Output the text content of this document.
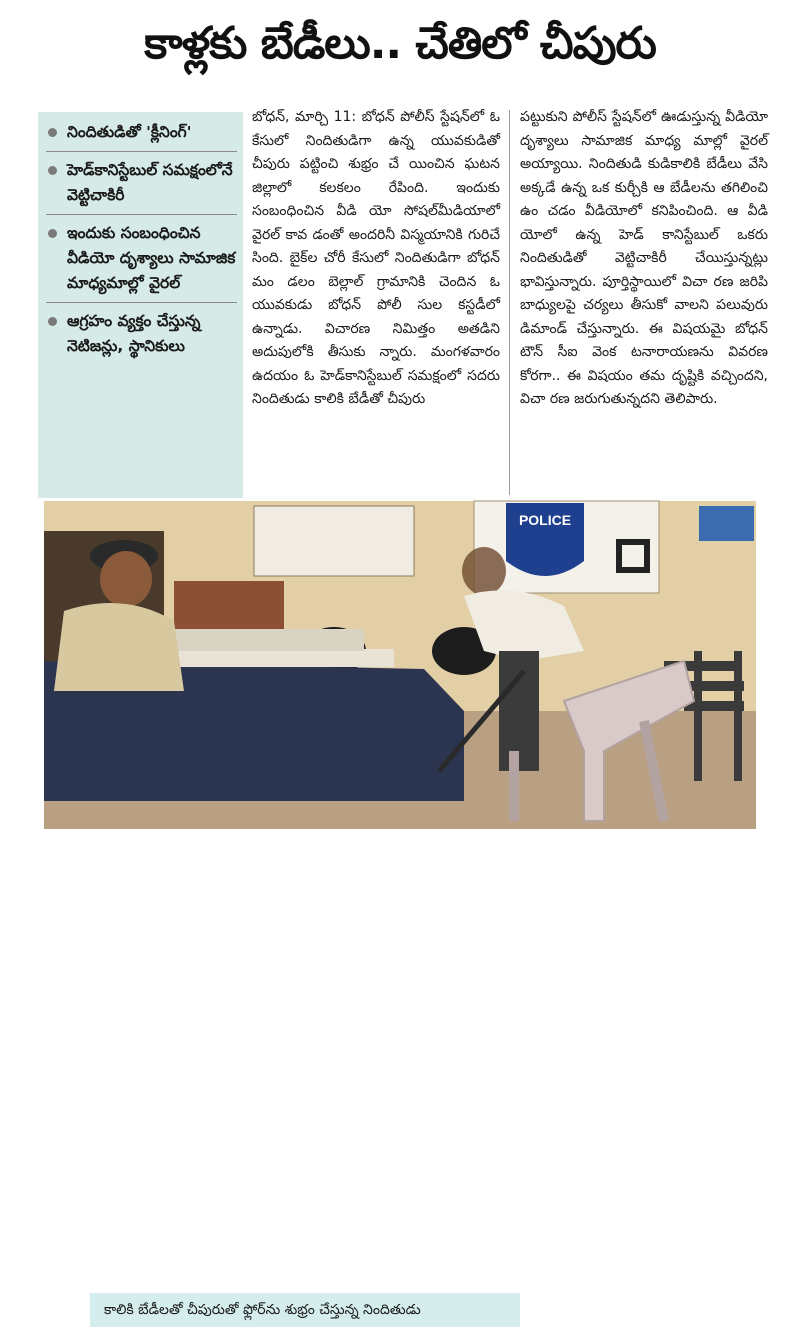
కాళ్లకు బేడీలు.. చేతిలో చీపురు
నిందితుడితో 'క్లీనింగ్'
హెడ్‌కానిస్టేబుల్ సమక్షంలోనే వెట్టిచాకిరీ
ఇందుకు సంబంధించిన వీడియో దృశ్యాలు సామాజిక మాధ్యమాల్లో వైరల్
ఆగ్రహం వ్యక్తం చేస్తున్న నెటిజన్లు, స్థానికులు
బోధన్, మార్చి 11: బోధన్ పోలీస్ స్టేషన్‌లో ఓ కేసులో నిందితుడిగా ఉన్న యువకుడితో చీపురు పట్టించి శుభ్రం చే యించిన ఘటన జిల్లాలో కలకలం రేపింది. ఇందుకు సంబంధించిన వీడి యో సోషల్‌మీడియాలో వైరల్ కావ డంతో అందరినీ విస్మయానికి గురిచే సింది. బైక్‌ల చోరీ కేసులో నిందితుడిగా బోధన్ మం డలం బెల్లాల్ గ్రామానికి చెందిన ఓ యువకుడు బోధన్ పోలీ సుల కస్టడీలో ఉన్నాడు. విచారణ నిమిత్తం అతడిని అదుపులోకి తీసుకు న్నారు. మంగళవారం ఉదయం ఓ హెడ్‌కానిస్టేబుల్ సమక్షంలో సదరు నిందితుడు కాలికి బేడీతో చీపురు
పట్టుకుని పోలీస్ స్టేషన్‌లో ఊడుస్తున్న వీడియో దృశ్యాలు సామాజిక మాధ్య మాల్లో వైరల్ అయ్యాయి. నిందితుడి కుడికాలికి బేడీలు వేసి అక్కడే ఉన్న ఒక కుర్చీకి ఆ బేడీలను తగిలించి ఉం చడం వీడియోలో కనిపించింది. ఆ వీడి యోలో ఉన్న హెడ్ కానిస్టేబుల్ ఒకరు నిందితుడితో వెట్టిచాకిరీ చేయిస్తున్నట్లు భావిస్తున్నారు. పూర్తిస్థాయిలో విచా రణ జరిపి బాధ్యులపై చర్యలు తీసుకో వాలని పలువురు డిమాండ్ చేస్తున్నారు. ఈ విషయమై బోధన్ టౌన్ సీఐ వెంక టనారాయణను వివరణ కోరగా.. ఈ విషయం తమ దృష్టికి వచ్చిందని, విచా రణ జరుగుతున్నదని తెలిపారు.
POLICE
కాలికి బేడీలతో చీపురుతో ఫ్లోర్‌ను శుభ్రం చేస్తున్న నిందితుడు
